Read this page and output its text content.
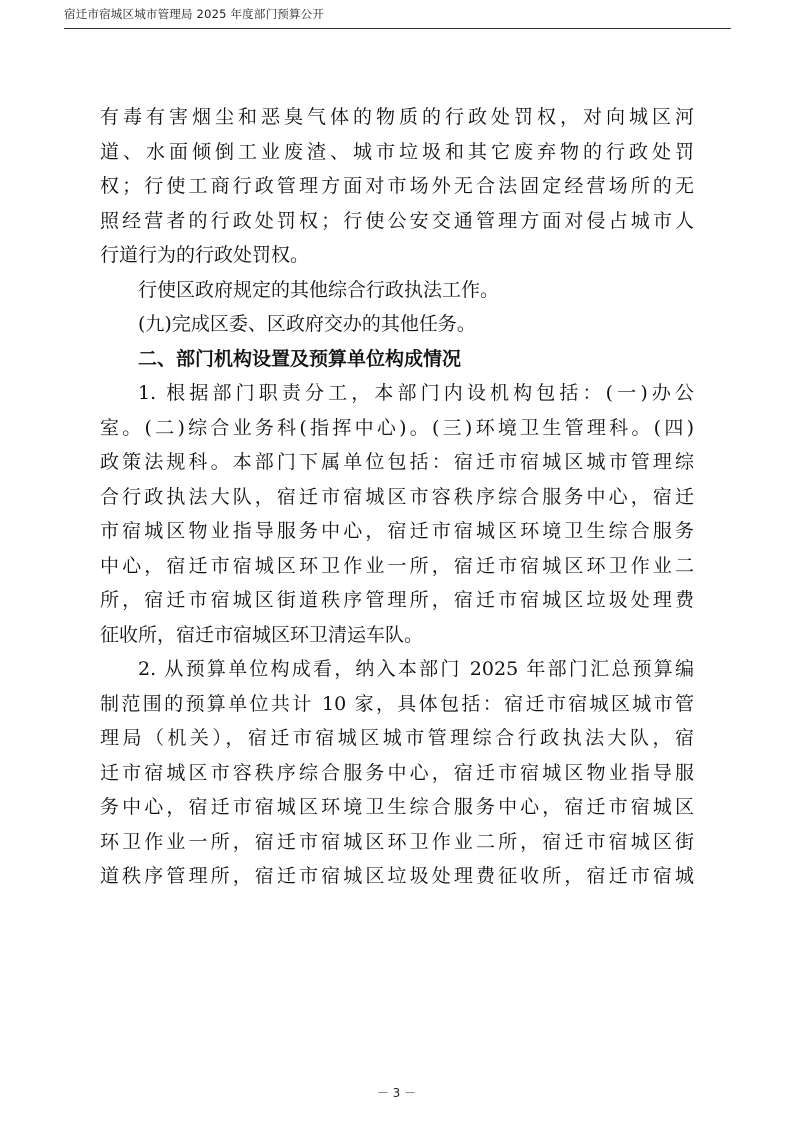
宿迁市宿城区城市管理局 2025 年度部门预算公开
有毒有害烟尘和恶臭气体的物质的行政处罚权，对向城区河
道、水面倾倒工业废渣、城市垃圾和其它废弃物的行政处罚
权；行使工商行政管理方面对市场外无合法固定经营场所的无
照经营者的行政处罚权；行使公安交通管理方面对侵占城市人
行道行为的行政处罚权。
行使区政府规定的其他综合行政执法工作。
(九)完成区委、区政府交办的其他任务。
二、部门机构设置及预算单位构成情况
1. 根据部门职责分工，本部门内设机构包括：(一)办公
室。(二)综合业务科(指挥中心)。(三)环境卫生管理科。(四)
政策法规科。本部门下属单位包括：宿迁市宿城区城市管理综
合行政执法大队，宿迁市宿城区市容秩序综合服务中心，宿迁
市宿城区物业指导服务中心，宿迁市宿城区环境卫生综合服务
中心，宿迁市宿城区环卫作业一所，宿迁市宿城区环卫作业二
所，宿迁市宿城区街道秩序管理所，宿迁市宿城区垃圾处理费
征收所，宿迁市宿城区环卫清运车队。
2. 从预算单位构成看，纳入本部门 2025 年部门汇总预算编
制范围的预算单位共计 10 家，具体包括：宿迁市宿城区城市管
理局（机关），宿迁市宿城区城市管理综合行政执法大队，宿
迁市宿城区市容秩序综合服务中心，宿迁市宿城区物业指导服
务中心，宿迁市宿城区环境卫生综合服务中心，宿迁市宿城区
环卫作业一所，宿迁市宿城区环卫作业二所，宿迁市宿城区街
道秩序管理所，宿迁市宿城区垃圾处理费征收所，宿迁市宿城
－ 3 －
